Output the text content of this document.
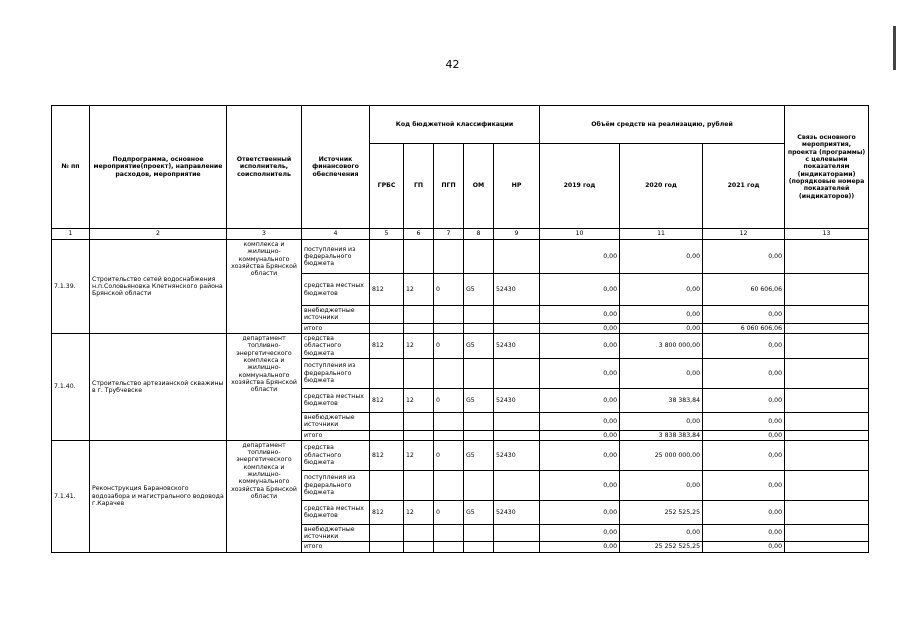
42
№ пп	Подпрограмма, основное мероприятие(проект), направление расходов, мероприятие	Ответственный исполнитель, соисполнитель	Источник финансового обеспечения	Код бюджетной классификации					Объём средств на реализацию, рублей			Связь основного мероприятия, проекта (программы) с целевыми показателям (индикаторами) (порядковые номера показателей (индикаторов))
				ГРБС	ГП	ПГП	ОМ	НР	2019 год	2020 год	2021 год	
1	2	3	4	5	6	7	8	9	10	11	12	13
7.1.39.	Строительство сетей водоснабжения н.п.Соловьяновка Клетнянского района Брянской области	комплекса и жилищно-коммунального хозяйства Брянской области	поступления из федерального бюджета						0,00	0,00	0,00	
			средства местных бюджетов	812	12	0	G5	52430	0,00	0,00	60 606,06	
			внебюджетные источники						0,00	0,00	0,00	
			итого						0,00	0,00	6 060 606,06	
7.1.40.	Строительство артезианской скважины в г. Трубчевске	департамент топливно-энергетического комплекса и жилищно-коммунального хозяйства Брянской области	средства областного бюджета	812	12	0	G5	52430	0,00	3 800 000,00	0,00	
			поступления из федерального бюджета						0,00	0,00	0,00	
			средства местных бюджетов	812	12	0	G5	52430	0,00	38 383,84	0,00	
			внебюджетные источники						0,00	0,00	0,00	
			итого						0,00	3 838 383,84	0,00	
7.1.41.	Реконструкция Барановского водозабора и магистрального водовода г.Карачев	департамент топливно-энергетического комплекса и жилищно-коммунального хозяйства Брянской области	средства областного бюджета	812	12	0	G5	52430	0,00	25 000 000,00	0,00	
			поступления из федерального бюджета						0,00	0,00	0,00	
			средства местных бюджетов	812	12	0	G5	52430	0,00	252 525,25	0,00	
			внебюджетные источники						0,00	0,00	0,00	
			итого						0,00	25 252 525,25	0,00	
